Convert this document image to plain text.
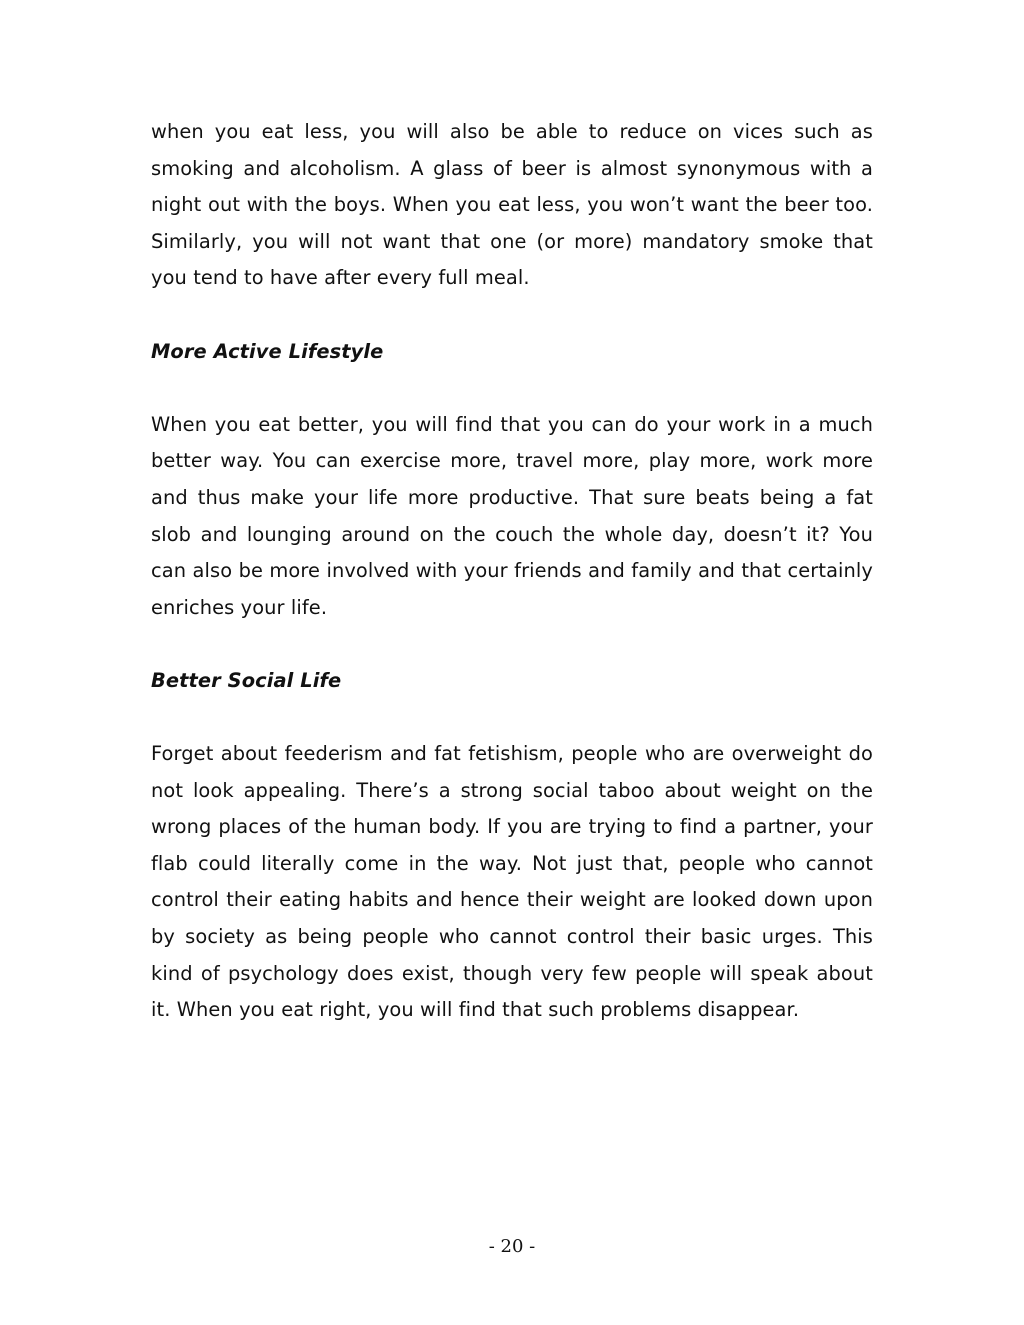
when you eat less, you will also be able to reduce on vices such as smoking and alcoholism. A glass of beer is almost synonymous with a night out with the boys. When you eat less, you won’t want the beer too. Similarly, you will not want that one (or more) mandatory smoke that you tend to have after every full meal.

More Active Lifestyle

When you eat better, you will find that you can do your work in a much better way. You can exercise more, travel more, play more, work more and thus make your life more productive. That sure beats being a fat slob and lounging around on the couch the whole day, doesn’t it? You can also be more involved with your friends and family and that certainly enriches your life.

Better Social Life

Forget about feederism and fat fetishism, people who are overweight do not look appealing. There’s a strong social taboo about weight on the wrong places of the human body. If you are trying to find a partner, your flab could literally come in the way. Not just that, people who cannot control their eating habits and hence their weight are looked down upon by society as being people who cannot control their basic urges. This kind of psychology does exist, though very few people will speak about it. When you eat right, you will find that such problems disappear.

- 20 -
